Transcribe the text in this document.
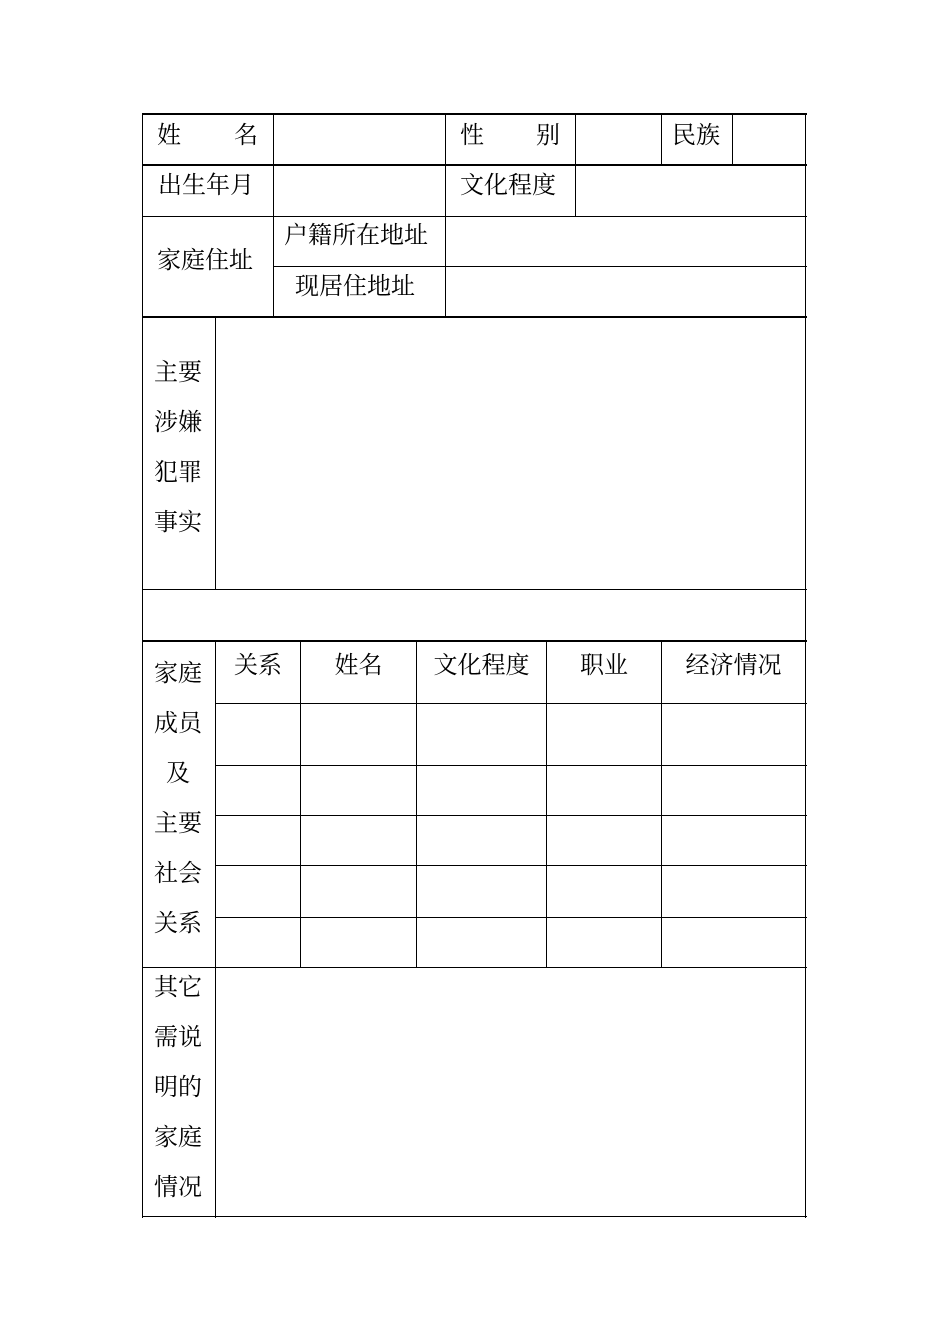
姓 名	性 别	民族
出生年月	文化程度
家庭住址
户籍所在地址
现居住地址
主要
涉嫌
犯罪
事实
家庭
成员
及
主要
社会
关系
关系	姓名	文化程度	职业	经济情况
其它
需说
明的
家庭
情况
